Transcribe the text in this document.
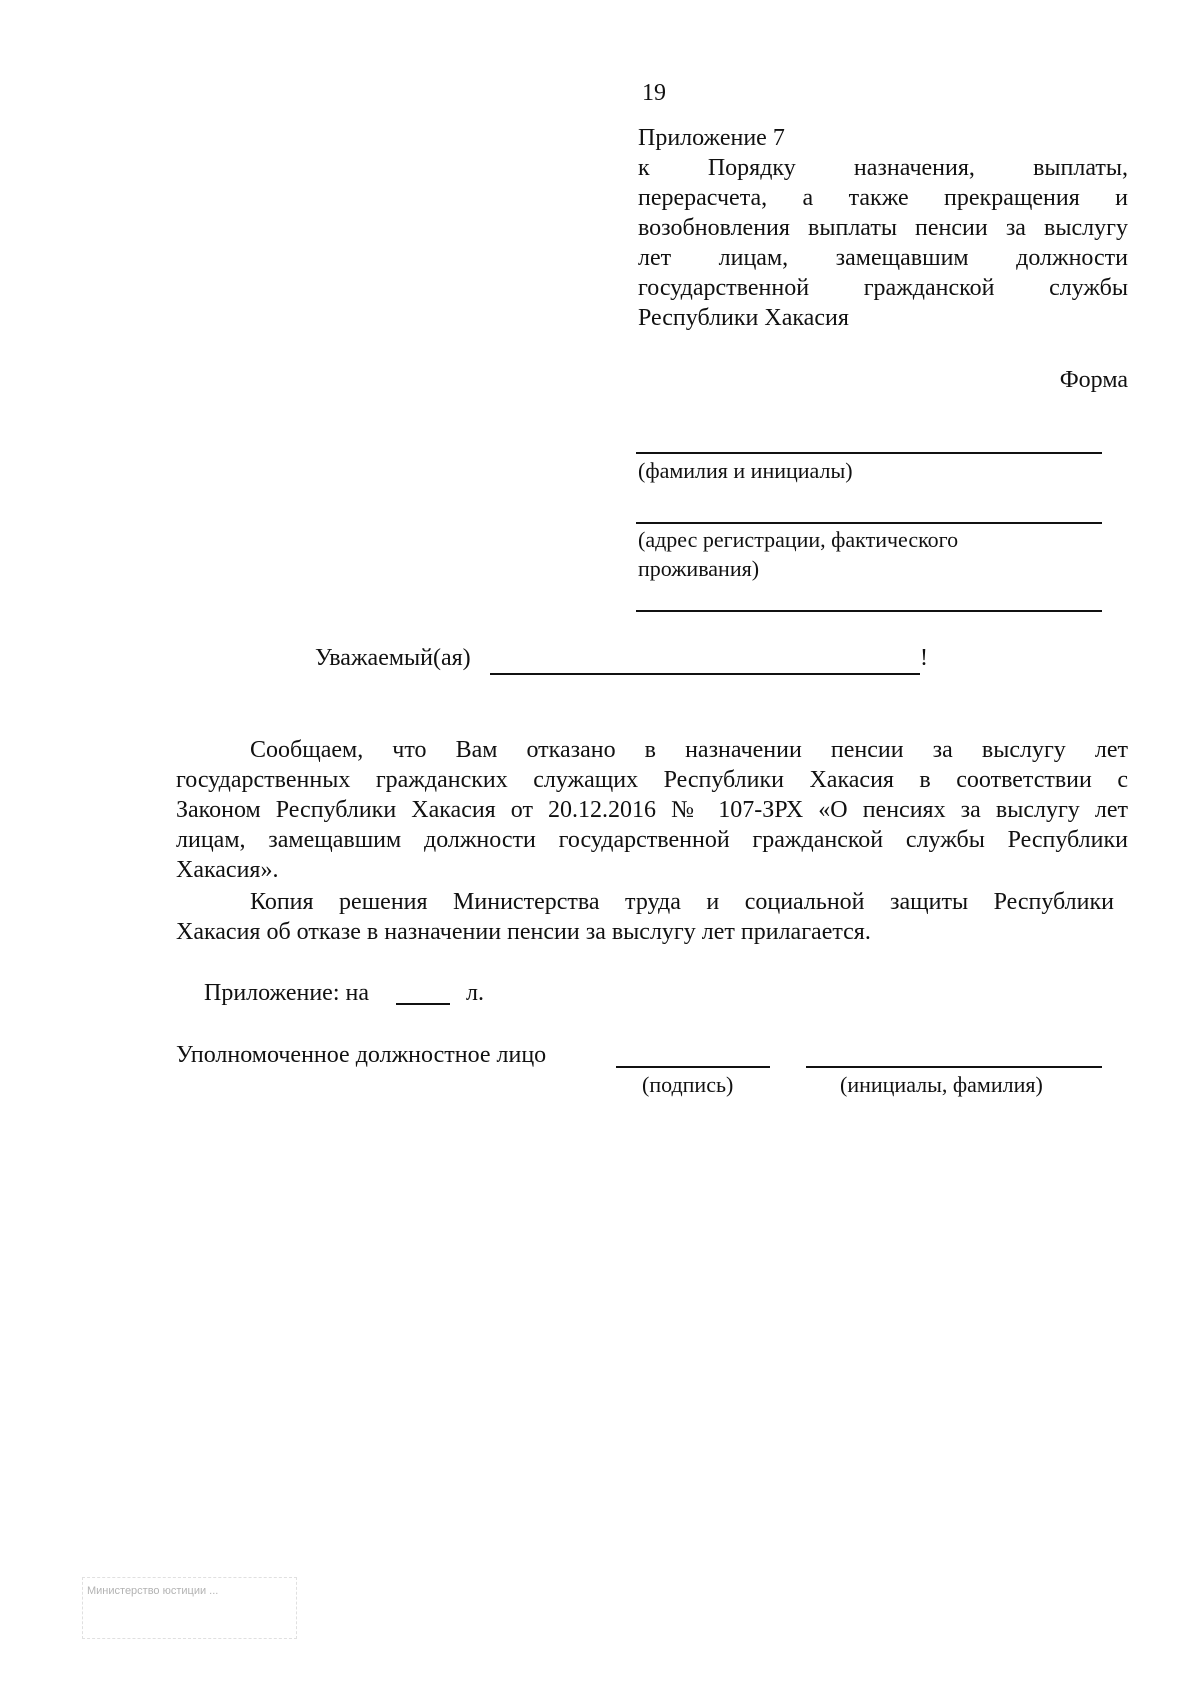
19
Приложение 7
к Порядку назначения, выплаты,
перерасчета, а также прекращения и
возобновления выплаты пенсии за выслугу
лет лицам, замещавшим должности
государственной гражданской службы
Республики Хакасия
Форма
(фамилия и инициалы)
(адрес регистрации, фактического
проживания)
Уважаемый(ая)	!
Сообщаем, что Вам отказано в назначении пенсии за выслугу лет
государственных гражданских служащих Республики Хакасия в соответствии с
Законом Республики Хакасия от 20.12.2016 № 107-ЗРХ «О пенсиях за выслугу лет
лицам, замещавшим должности государственной гражданской службы Республики
Хакасия».
Копия решения Министерства труда и социальной защиты Республики
Хакасия об отказе в назначении пенсии за выслугу лет прилагается.
Приложение: на	л.
Уполномоченное должностное лицо
(подпись)	(инициалы, фамилия)
Министерство юстиции ...
